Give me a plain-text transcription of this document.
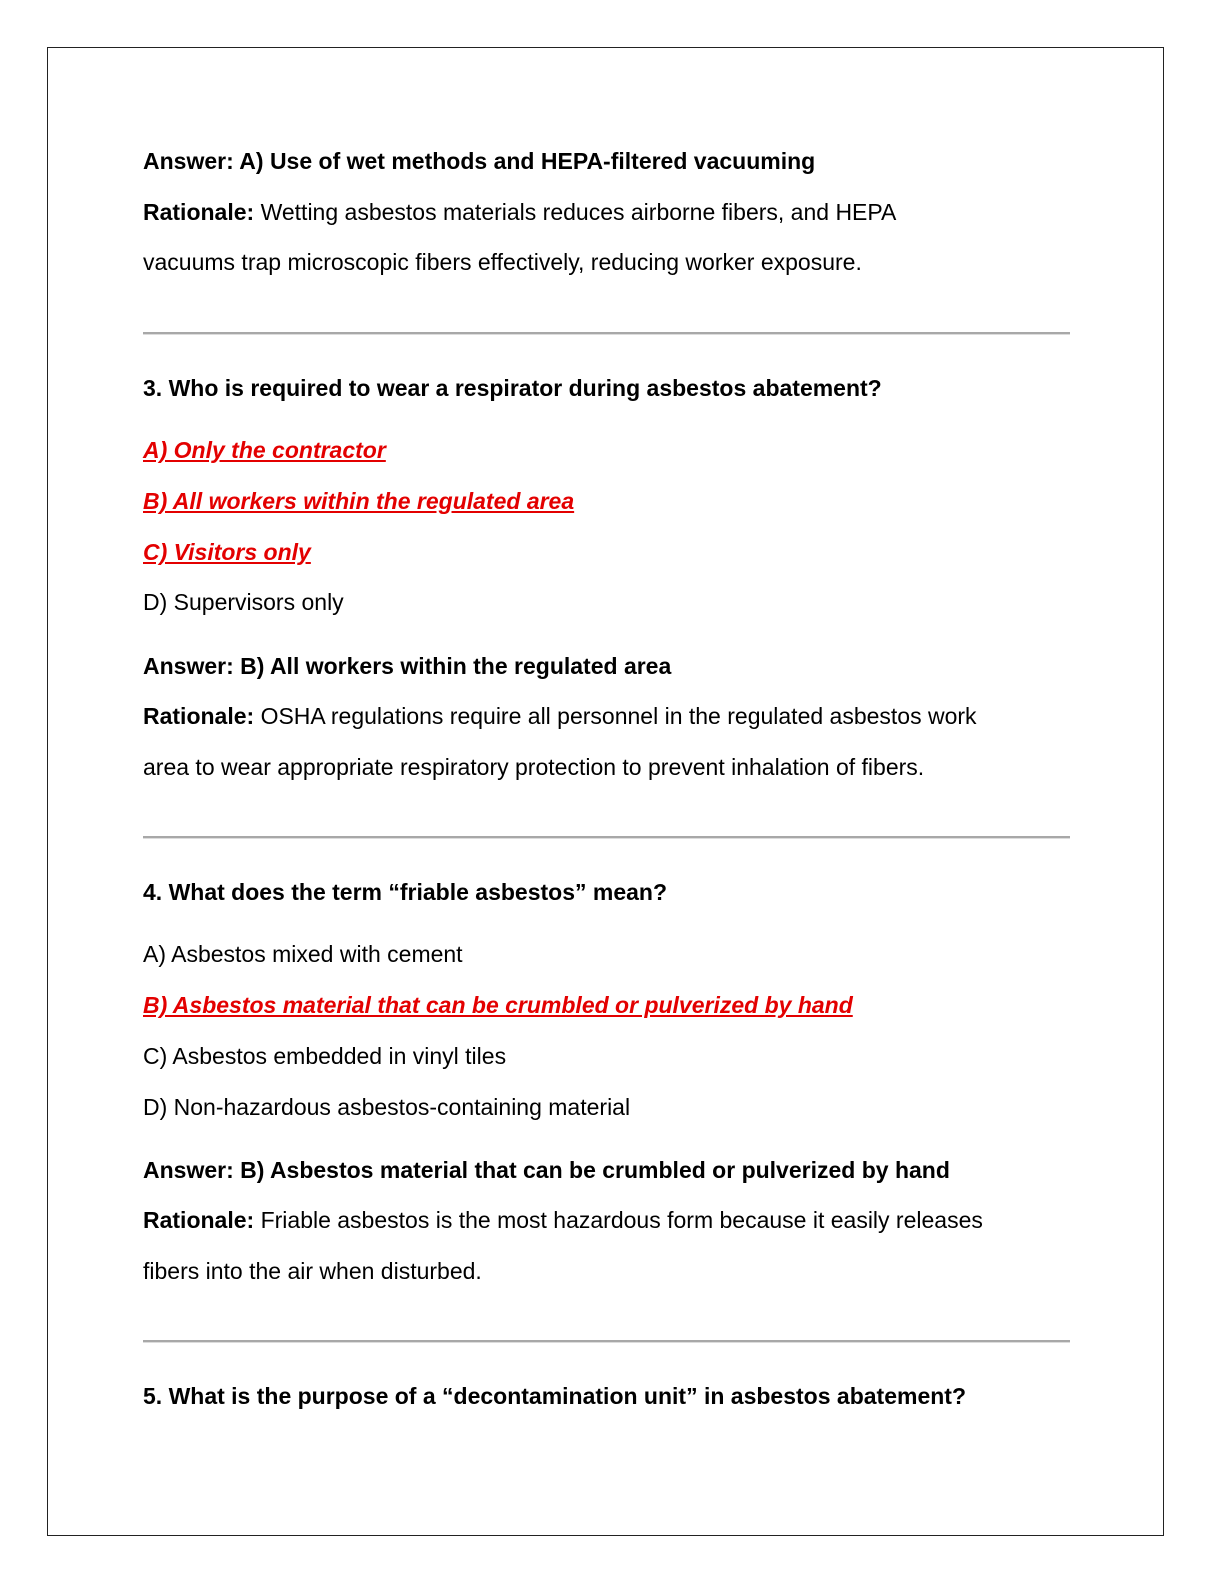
Answer: A) Use of wet methods and HEPA-filtered vacuuming
Rationale: Wetting asbestos materials reduces airborne fibers, and HEPA
vacuums trap microscopic fibers effectively, reducing worker exposure.
3. Who is required to wear a respirator during asbestos abatement?
A) Only the contractor
B) All workers within the regulated area
C) Visitors only
D) Supervisors only
Answer: B) All workers within the regulated area
Rationale: OSHA regulations require all personnel in the regulated asbestos work
area to wear appropriate respiratory protection to prevent inhalation of fibers.
4. What does the term “friable asbestos” mean?
A) Asbestos mixed with cement
B) Asbestos material that can be crumbled or pulverized by hand
C) Asbestos embedded in vinyl tiles
D) Non-hazardous asbestos-containing material
Answer: B) Asbestos material that can be crumbled or pulverized by hand
Rationale: Friable asbestos is the most hazardous form because it easily releases
fibers into the air when disturbed.
5. What is the purpose of a “decontamination unit” in asbestos abatement?
